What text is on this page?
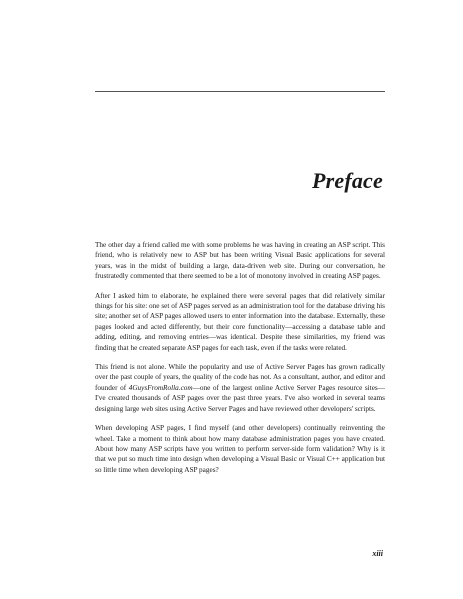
Preface

The other day a friend called me with some problems he was having in creating an ASP script. This friend, who is relatively new to ASP but has been writing Visual Basic applications for several years, was in the midst of building a large, data-driven web site. During our conversation, he frustratedly commented that there seemed to be a lot of monotony involved in creating ASP pages.

After I asked him to elaborate, he explained there were several pages that did relatively similar things for his site: one set of ASP pages served as an administration tool for the database driving his site; another set of ASP pages allowed users to enter information into the database. Externally, these pages looked and acted differently, but their core functionality—accessing a database table and adding, editing, and removing entries—was identical. Despite these similarities, my friend was finding that he created separate ASP pages for each task, even if the tasks were related.

This friend is not alone. While the popularity and use of Active Server Pages has grown radically over the past couple of years, the quality of the code has not. As a consultant, author, and editor and founder of 4GuysFromRolla.com—one of the largest online Active Server Pages resource sites—I've created thousands of ASP pages over the past three years. I've also worked in several teams designing large web sites using Active Server Pages and have reviewed other developers' scripts.

When developing ASP pages, I find myself (and other developers) continually reinventing the wheel. Take a moment to think about how many database administration pages you have created. About how many ASP scripts have you written to perform server-side form validation? Why is it that we put so much time into design when developing a Visual Basic or Visual C++ application but so little time when developing ASP pages?

xiii
